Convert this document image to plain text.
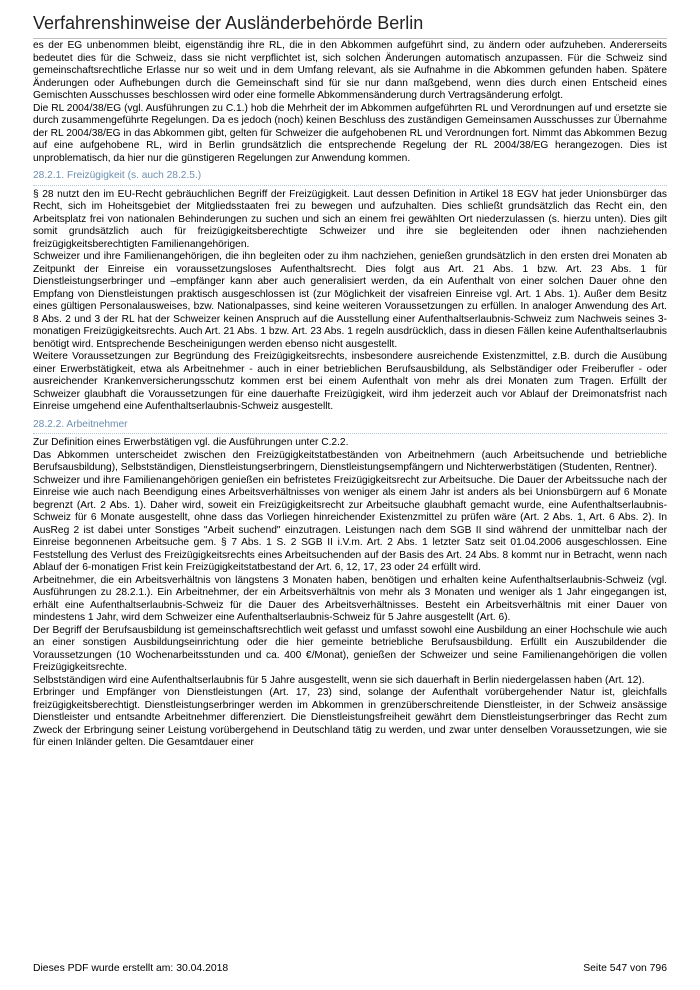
Verfahrenshinweise der Ausländerbehörde Berlin

es der EG unbenommen bleibt, eigenständig ihre RL, die in den Abkommen aufgeführt sind, zu ändern oder aufzuheben. Andererseits bedeutet dies für die Schweiz, dass sie nicht verpflichtet ist, sich solchen Änderungen automatisch anzupassen. Für die Schweiz sind gemeinschaftsrechtliche Erlasse nur so weit und in dem Umfang relevant, als sie Aufnahme in die Abkommen gefunden haben. Spätere Änderungen oder Aufhebungen durch die Gemeinschaft sind für sie nur dann maßgebend, wenn dies durch einen Entscheid eines Gemischten Ausschusses beschlossen wird oder eine formelle Abkommensänderung durch Vertragsänderung erfolgt.

Die RL 2004/38/EG (vgl. Ausführungen zu C.1.) hob die Mehrheit der im Abkommen aufgeführten RL und Verordnungen auf und ersetzte sie durch zusammengeführte Regelungen. Da es jedoch (noch) keinen Beschluss des zuständigen Gemeinsamen Ausschusses zur Übernahme der RL 2004/38/EG in das Abkommen gibt, gelten für Schweizer die aufgehobenen RL und Verordnungen fort. Nimmt das Abkommen Bezug auf eine aufgehobene RL, wird in Berlin grundsätzlich die entsprechende Regelung der RL 2004/38/EG herangezogen. Dies ist unproblematisch, da hier nur die günstigeren Regelungen zur Anwendung kommen.

28.2.1. Freizügigkeit (s. auch 28.2.5.)

§ 28 nutzt den im EU-Recht gebräuchlichen Begriff der Freizügigkeit. Laut dessen Definition in Artikel 18 EGV hat jeder Unionsbürger das Recht, sich im Hoheitsgebiet der Mitgliedsstaaten frei zu bewegen und aufzuhalten. Dies schließt grundsätzlich das Recht ein, den Arbeitsplatz frei von nationalen Behinderungen zu suchen und sich an einem frei gewählten Ort niederzulassen (s. hierzu unten). Dies gilt somit grundsätzlich auch für freizügigkeitsberechtigte Schweizer und ihre sie begleitenden oder ihnen nachziehenden freizügigkeitsberechtigten Familienangehörigen.

Schweizer und ihre Familienangehörigen, die ihn begleiten oder zu ihm nachziehen, genießen grundsätzlich in den ersten drei Monaten ab Zeitpunkt der Einreise ein voraussetzungsloses Aufenthaltsrecht. Dies folgt aus Art. 21 Abs. 1 bzw. Art. 23 Abs. 1 für Dienstleistungserbringer und –empfänger kann aber auch generalisiert werden, da ein Aufenthalt von einer solchen Dauer ohne den Empfang von Dienstleistungen praktisch ausgeschlossen ist (zur Möglichkeit der visafreien Einreise vgl. Art. 1 Abs. 1). Außer dem Besitz eines gültigen Personalausweises, bzw. Nationalpasses, sind keine weiteren Voraussetzungen zu erfüllen. In analoger Anwendung des Art. 8 Abs. 2 und 3 der RL hat der Schweizer keinen Anspruch auf die Ausstellung einer Aufenthaltserlaubnis-Schweiz zum Nachweis seines 3-monatigen Freizügigkeitsrechts. Auch Art. 21 Abs. 1 bzw. Art. 23 Abs. 1 regeln ausdrücklich, dass in diesen Fällen keine Aufenthaltserlaubnis benötigt wird. Entsprechende Bescheinigungen werden ebenso nicht ausgestellt.

Weitere Voraussetzungen zur Begründung des Freizügigkeitsrechts, insbesondere ausreichende Existenzmittel, z.B. durch die Ausübung einer Erwerbstätigkeit, etwa als Arbeitnehmer - auch in einer betrieblichen Berufsausbildung, als Selbständiger oder Freiberufler - oder ausreichender Krankenversicherungsschutz kommen erst bei einem Aufenthalt von mehr als drei Monaten zum Tragen. Erfüllt der Schweizer glaubhaft die Voraussetzungen für eine dauerhafte Freizügigkeit, wird ihm jederzeit auch vor Ablauf der Dreimonatsfrist nach Einreise umgehend eine Aufenthaltserlaubnis-Schweiz ausgestellt.

28.2.2. Arbeitnehmer

Zur Definition eines Erwerbstätigen vgl. die Ausführungen unter C.2.2.

Das Abkommen unterscheidet zwischen den Freizügigkeitstatbeständen von Arbeitnehmern (auch Arbeitsuchende und betriebliche Berufsausbildung), Selbstständigen, Dienstleistungserbringern, Dienstleistungsempfängern und Nichterwerbstätigen (Studenten, Rentner).

Schweizer und ihre Familienangehörigen genießen ein befristetes Freizügigkeitsrecht zur Arbeitsuche. Die Dauer der Arbeitssuche nach der Einreise wie auch nach Beendigung eines Arbeitsverhältnisses von weniger als einem Jahr ist anders als bei Unionsbürgern auf 6 Monate begrenzt (Art. 2 Abs. 1). Daher wird, soweit ein Freizügigkeitsrecht zur Arbeitsuche glaubhaft gemacht wurde, eine Aufenthaltserlaubnis-Schweiz für 6 Monate ausgestellt, ohne dass das Vorliegen hinreichender Existenzmittel zu prüfen wäre (Art. 2 Abs. 1, Art. 6 Abs. 2). In AusReg 2 ist dabei unter Sonstiges "Arbeit suchend" einzutragen. Leistungen nach dem SGB II sind während der unmittelbar nach der Einreise begonnenen Arbeitsuche gem. § 7 Abs. 1 S. 2 SGB II i.V.m. Art. 2 Abs. 1 letzter Satz seit 01.04.2006 ausgeschlossen. Eine Feststellung des Verlust des Freizügigkeitsrechts eines Arbeitsuchenden auf der Basis des Art. 24 Abs. 8 kommt nur in Betracht, wenn nach Ablauf der 6-monatigen Frist kein Freizügigkeitstatbestand der Art. 6, 12, 17, 23 oder 24 erfüllt wird.

Arbeitnehmer, die ein Arbeitsverhältnis von längstens 3 Monaten haben, benötigen und erhalten keine Aufenthaltserlaubnis-Schweiz (vgl. Ausführungen zu 28.2.1.). Ein Arbeitnehmer, der ein Arbeitsverhältnis von mehr als 3 Monaten und weniger als 1 Jahr eingegangen ist, erhält eine Aufenthaltserlaubnis-Schweiz für die Dauer des Arbeitsverhältnisses. Besteht ein Arbeitsverhältnis mit einer Dauer von mindestens 1 Jahr, wird dem Schweizer eine Aufenthaltserlaubnis-Schweiz für 5 Jahre ausgestellt (Art. 6).

Der Begriff der Berufsausbildung ist gemeinschaftsrechtlich weit gefasst und umfasst sowohl eine Ausbildung an einer Hochschule wie auch an einer sonstigen Ausbildungseinrichtung oder die hier gemeinte betriebliche Berufsausbildung. Erfüllt ein Auszubildender die Voraussetzungen (10 Wochenarbeitsstunden und ca. 400 €/Monat), genießen der Schweizer und seine Familienangehörigen die vollen Freizügigkeitsrechte.

Selbstständigen wird eine Aufenthaltserlaubnis für 5 Jahre ausgestellt, wenn sie sich dauerhaft in Berlin niedergelassen haben (Art. 12).

Erbringer und Empfänger von Dienstleistungen (Art. 17, 23) sind, solange der Aufenthalt vorübergehender Natur ist, gleichfalls freizügigkeitsberechtigt. Dienstleistungserbringer werden im Abkommen in grenzüberschreitende Dienstleister, in der Schweiz ansässige Dienstleister und entsandte Arbeitnehmer differenziert. Die Dienstleistungsfreiheit gewährt dem Dienstleistungserbringer das Recht zum Zweck der Erbringung seiner Leistung vorübergehend in Deutschland tätig zu werden, und zwar unter denselben Voraussetzungen, wie sie für einen Inländer gelten. Die Gesamtdauer einer

Dieses PDF wurde erstellt am: 30.04.2018	Seite 547 von 796
